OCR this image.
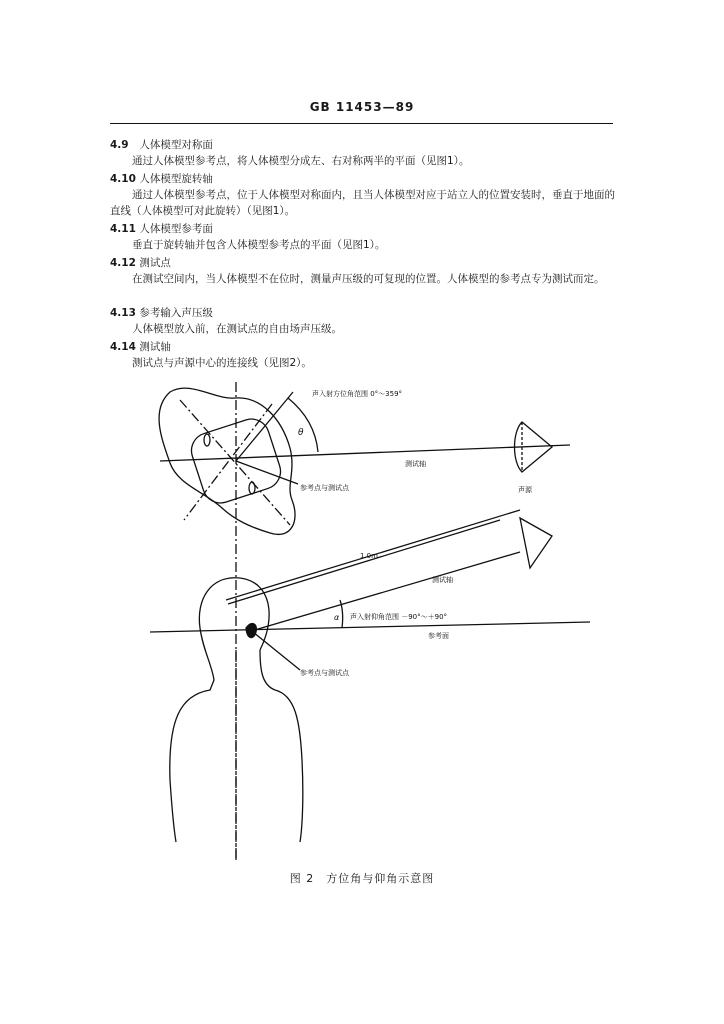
GB 11453—89
4.9 人体模型对称面
通过人体模型参考点，将人体模型分成左、右对称两半的平面（见图1）。
4.10 人体模型旋转轴
通过人体模型参考点，位于人体模型对称面内，且当人体模型对应于站立人的位置安装时，垂直于地面的直线（人体模型可对此旋转）（见图1）。
4.11 人体模型参考面
垂直于旋转轴并包含人体模型参考点的平面（见图1）。
4.12 测试点
在测试空间内，当人体模型不在位时，测量声压级的可复现的位置。人体模型的参考点专为测试而定。
4.13 参考输入声压级
人体模型放入前，在测试点的自由场声压级。
4.14 测试轴
测试点与声源中心的连接线（见图2）。
声入射方位角范围 0°～359°
θ
测试轴
参考点与测试点	声源
1.0m
测试轴
α 声入射仰角范围 －90°～＋90°
参考面
参考点与测试点
图 2　方位角与仰角示意图
